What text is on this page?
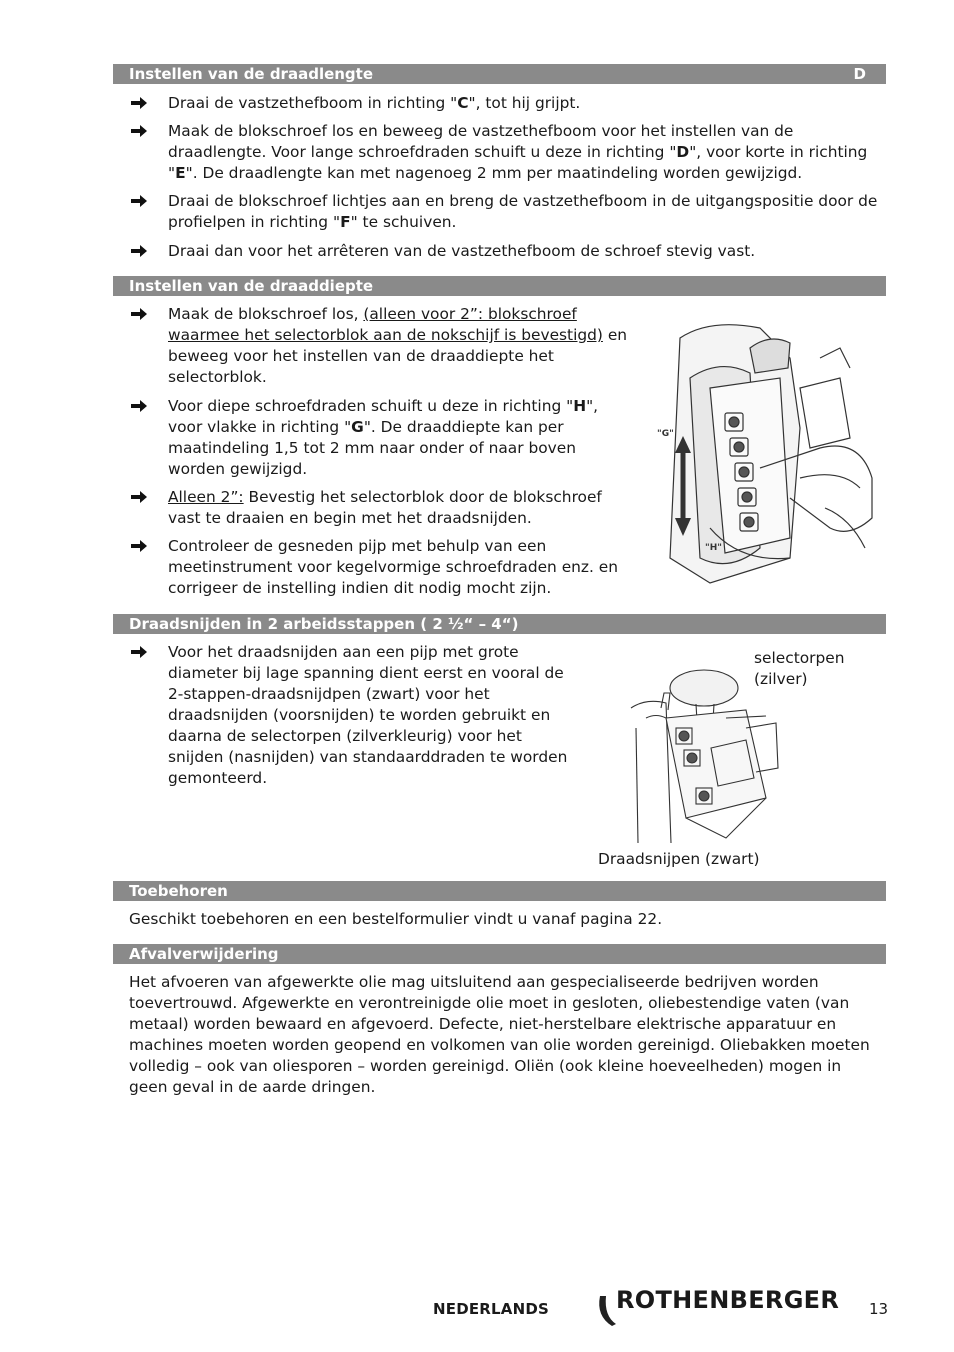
Instellen van de draadlengte	D
Draai de vastzethefboom in richting "C", tot hij grijpt.
Maak de blokschroef los en beweeg de vastzethefboom voor het instellen van de draadlengte. Voor lange schroefdraden schuift u deze in richting "D", voor korte in richting "E". De draadlengte kan met nagenoeg 2 mm per maatindeling worden gewijzigd.
Draai de blokschroef lichtjes aan en breng de vastzethefboom in de uitgangspositie door de profielpen in richting "F" te schuiven.
Draai dan voor het arrêteren van de vastzethefboom de schroef stevig vast.
Instellen van de draaddiepte
Maak de blokschroef los, (alleen voor 2”: blokschroef waarmee het selectorblok aan de nokschijf is bevestigd) en beweeg voor het instellen van de draaddiepte het selectorblok.
Voor diepe schroefdraden schuift u deze in richting "H", voor vlakke in richting "G". De draaddiepte kan per maatindeling 1,5 tot 2 mm naar onder of naar boven worden gewijzigd.
Alleen 2”: Bevestig het selectorblok door de blokschroef vast te draaien en begin met het draadsnijden.
Controleer de gesneden pijp met behulp van een meetinstrument voor kegelvormige schroefdraden enz. en corrigeer de instelling indien dit nodig mocht zijn.
"G"
"H"
Draadsnijden in 2 arbeidsstappen ( 2 ½“ – 4“)
Voor het draadsnijden aan een pijp met grote diameter bij lage spanning dient eerst en vooral de 2-stappen-draadsnijdpen (zwart) voor het draadsnijden (voorsnijden) te worden gebruikt en daarna de selectorpen (zilverkleurig) voor het snijden (nasnijden) van standaarddraden te worden gemonteerd.
selectorpen
(zilver)
Draadsnijpen (zwart)
Toebehoren
Geschikt toebehoren en een bestelformulier vindt u vanaf pagina 22.
Afvalverwijdering
Het afvoeren van afgewerkte olie mag uitsluitend aan gespecialiseerde bedrijven worden toevertrouwd. Afgewerkte en verontreinigde olie moet in gesloten, oliebestendige vaten (van metaal) worden bewaard en afgevoerd. Defecte, niet-herstelbare elektrische apparatuur en machines moeten worden geopend en volkomen van olie worden gereinigd. Oliebakken moeten volledig – ook van oliesporen – worden gereinigd. Oliën (ook kleine hoeveelheden) mogen in geen geval in de aarde dringen.
NEDERLANDS	ROTHENBERGER 13
